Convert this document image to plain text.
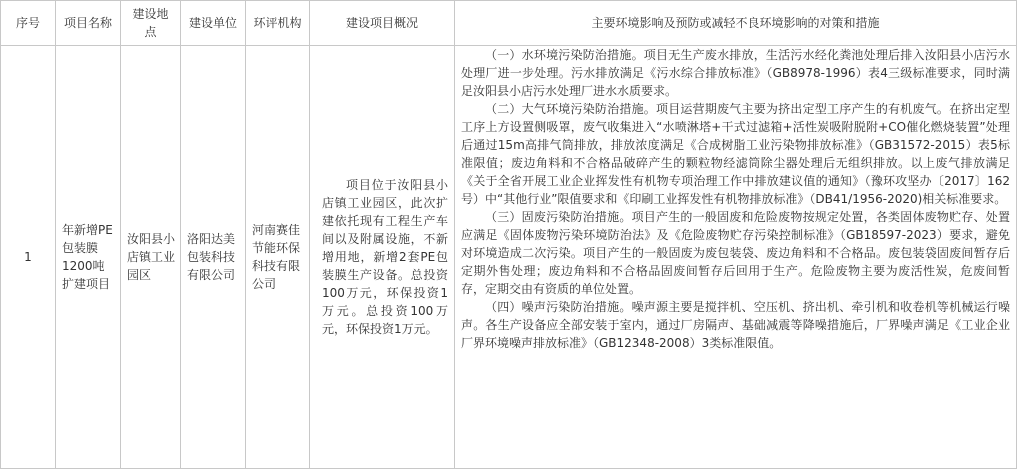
序号	项目名称	建设地点	建设单位	环评机构	建设项目概况	主要环境影响及预防或减轻不良环境影响的对策和措施
1	年新增PE包装膜1200吨扩建项目	汝阳县小店镇工业园区	洛阳达美包装科技有限公司	河南赛佳节能环保科技有限公司	项目位于汝阳县小店镇工业园区，此次扩建依托现有工程生产车间以及附属设施，不新增用地，新增2套PE包装膜生产设备。总投资100万元，环保投资1万元。总投资100万元，环保投资1万元。	（一）水环境污染防治措施。项目无生产废水排放，生活污水经化粪池处理后排入汝阳县小店污水处理厂进一步处理。污水排放满足《污水综合排放标准》（GB8978-1996）表4三级标准要求，同时满足汝阳县小店污水处理厂进水水质要求。

（二）大气环境污染防治措施。项目运营期废气主要为挤出定型工序产生的有机废气。在挤出定型工序上方设置侧吸罩，废气收集进入“水喷淋塔+干式过滤箱+活性炭吸附脱附+CO催化燃烧装置”处理后通过15m高排气筒排放，排放浓度满足《合成树脂工业污染物排放标准》（GB31572-2015）表5标准限值；废边角料和不合格品破碎产生的颗粒物经滤筒除尘器处理后无组织排放。以上废气排放满足《关于全省开展工业企业挥发性有机物专项治理工作中排放建议值的通知》（豫环攻坚办〔2017〕162号）中“其他行业”限值要求和《印刷工业挥发性有机物排放标准》（DB41/1956-2020)相关标准要求。

（三）固废污染防治措施。项目产生的一般固废和危险废物按规定处置，各类固体废物贮存、处置应满足《固体废物污染环境防治法》及《危险废物贮存污染控制标准》（GB18597-2023）要求，避免对环境造成二次污染。项目产生的一般固废为废包装袋、废边角料和不合格品。废包装袋固废间暂存后定期外售处理；废边角料和不合格品固废间暂存后回用于生产。危险废物主要为废活性炭，危废间暂存，定期交由有资质的单位处置。

（四）噪声污染防治措施。噪声源主要是搅拌机、空压机、挤出机、牵引机和收卷机等机械运行噪声。各生产设备应全部安装于室内，通过厂房隔声、基础减震等降噪措施后，厂界噪声满足《工业企业厂界环境噪声排放标准》（GB12348-2008）3类标准限值。
